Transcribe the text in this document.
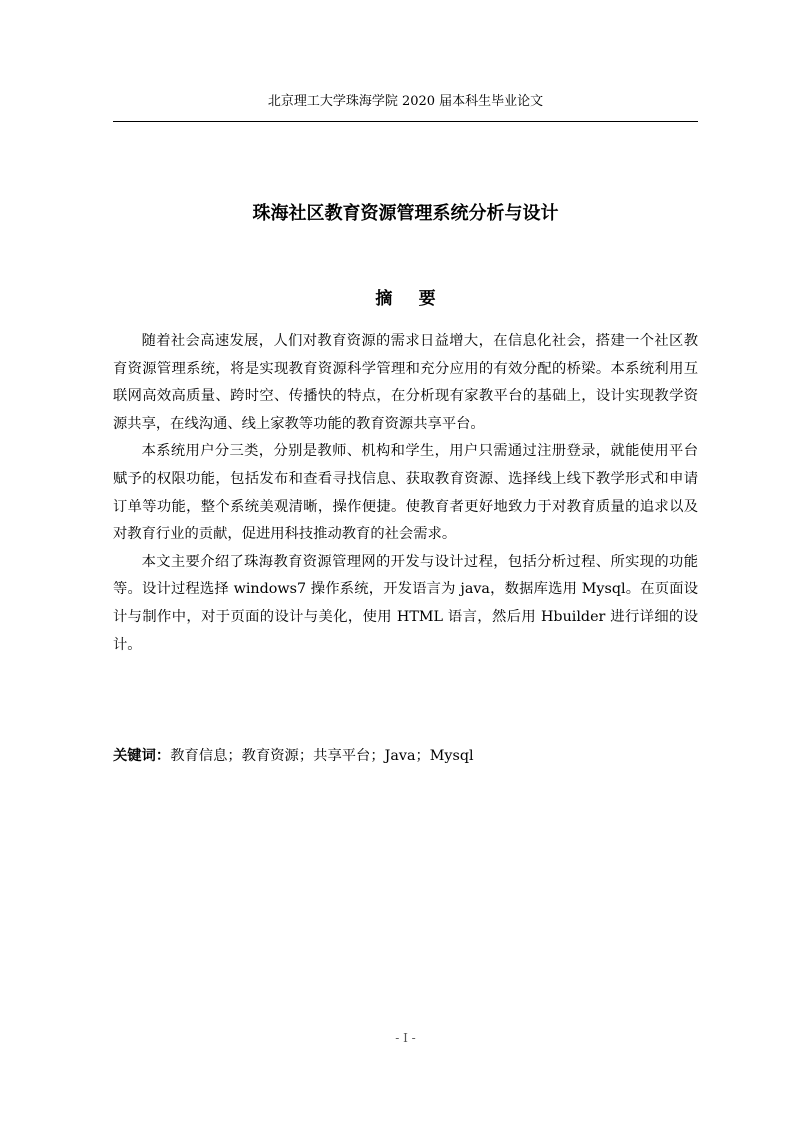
北京理工大学珠海学院 2020 届本科生毕业论文
珠海社区教育资源管理系统分析与设计
摘 要

随着社会高速发展，人们对教育资源的需求日益增大，在信息化社会，搭建一个社区教育资源管理系统，将是实现教育资源科学管理和充分应用的有效分配的桥梁。本系统利用互联网高效高质量、跨时空、传播快的特点，在分析现有家教平台的基础上，设计实现教学资源共享，在线沟通、线上家教等功能的教育资源共享平台。

本系统用户分三类，分别是教师、机构和学生，用户只需通过注册登录，就能使用平台赋予的权限功能，包括发布和查看寻找信息、获取教育资源、选择线上线下教学形式和申请订单等功能，整个系统美观清晰，操作便捷。使教育者更好地致力于对教育质量的追求以及对教育行业的贡献，促进用科技推动教育的社会需求。

本文主要介绍了珠海教育资源管理网的开发与设计过程，包括分析过程、所实现的功能等。设计过程选择 windows7 操作系统，开发语言为 java，数据库选用 Mysql。在页面设计与制作中，对于页面的设计与美化，使用 HTML 语言，然后用 Hbuilder 进行详细的设计。

关键词：教育信息；教育资源；共享平台；Java；Mysql
- I -
